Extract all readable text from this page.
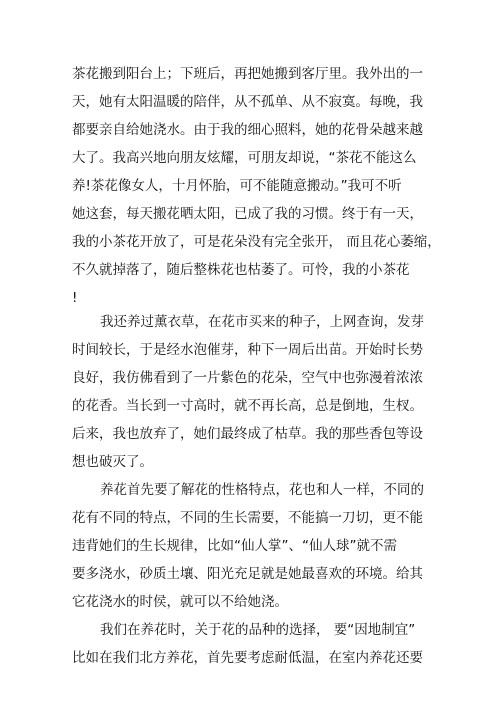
茶花搬到阳台上；下班后，再把她搬到客厅里。我外出的一
天，她有太阳温暖的陪伴，从不孤单、从不寂寞。每晚，我
都要亲自给她浇水。由于我的细心照料，她的花骨朵越来越
大了。我高兴地向朋友炫耀，可朋友却说，“茶花不能这么
养!茶花像女人，十月怀胎，可不能随意搬动。”我可不听
她这套，每天搬花晒太阳，已成了我的习惯。终于有一天，
我的小茶花开放了，可是花朵没有完全张开， 而且花心萎缩，
不久就掉落了，随后整株花也枯萎了。可怜，我的小茶花
!
我还养过薰衣草，在花市买来的种子，上网查询，发芽
时间较长，于是经水泡催芽，种下一周后出苗。开始时长势
良好，我仿佛看到了一片紫色的花朵，空气中也弥漫着浓浓
的花香。当长到一寸高时，就不再长高，总是倒地，生杈。
后来，我也放弃了，她们最终成了枯草。我的那些香包等设
想也破灭了。
养花首先要了解花的性格特点，花也和人一样，不同的
花有不同的特点，不同的生长需要，不能搞一刀切，更不能
违背她们的生长规律，比如“仙人掌”、“仙人球”就不需
要多浇水，砂质土壤、阳光充足就是她最喜欢的环境。给其
它花浇水的时侯，就可以不给她浇。
我们在养花时，关于花的品种的选择， 要“因地制宜”
比如在我们北方养花，首先要考虑耐低温，在室内养花还要
